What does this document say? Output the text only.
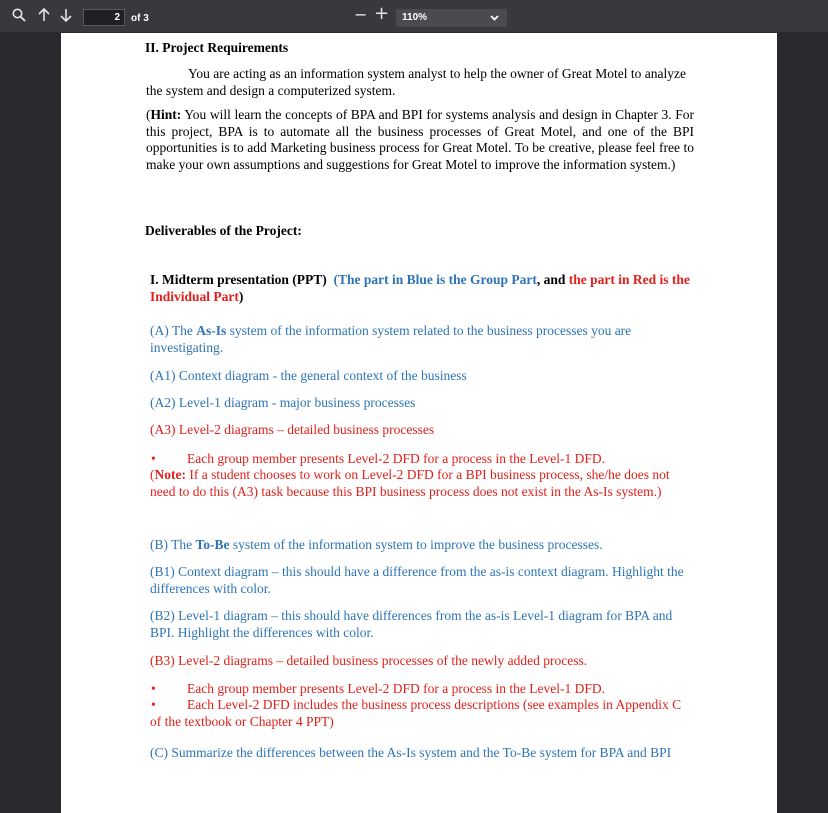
2	of 3	− +	110%

II. Project Requirements

You are acting as an information system analyst to help the owner of Great Motel to analyze the system and design a computerized system.

(Hint: You will learn the concepts of BPA and BPI for systems analysis and design in Chapter 3. For this project, BPA is to automate all the business processes of Great Motel, and one of the BPI opportunities is to add Marketing business process for Great Motel. To be creative, please feel free to make your own assumptions and suggestions for Great Motel to improve the information system.)

Deliverables of the Project:

I. Midterm presentation (PPT) (The part in Blue is the Group Part, and the part in Red is the Individual Part)

(A) The As-Is system of the information system related to the business processes you are investigating.

(A1) Context diagram - the general context of the business

(A2) Level-1 diagram - major business processes

(A3) Level-2 diagrams – detailed business processes

• Each group member presents Level-2 DFD for a process in the Level-1 DFD.

(Note: If a student chooses to work on Level-2 DFD for a BPI business process, she/he does not need to do this (A3) task because this BPI business process does not exist in the As-Is system.)

(B) The To-Be system of the information system to improve the business processes.

(B1) Context diagram – this should have a difference from the as-is context diagram. Highlight the differences with color.

(B2) Level-1 diagram – this should have differences from the as-is Level-1 diagram for BPA and BPI. Highlight the differences with color.

(B3) Level-2 diagrams – detailed business processes of the newly added process.

• Each group member presents Level-2 DFD for a process in the Level-1 DFD.

•	Each Level-2 DFD includes the business process descriptions (see examples in Appendix C of the textbook or Chapter 4 PPT)

(C) Summarize the differences between the As-Is system and the To-Be system for BPA and BPI
